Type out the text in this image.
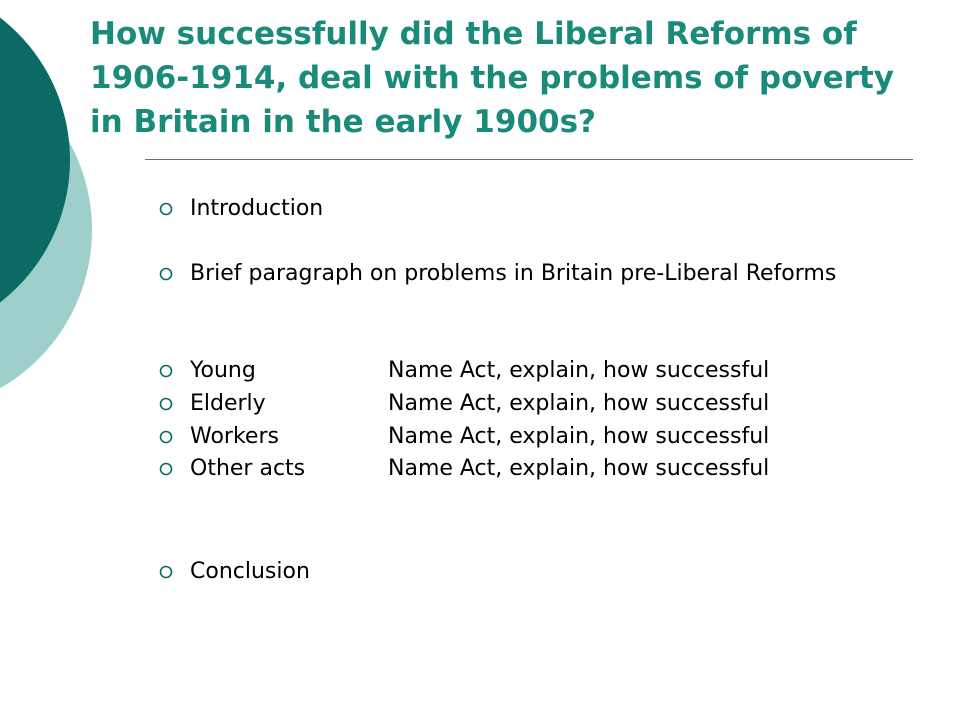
How successfully did the Liberal Reforms of 1906-1914, deal with the problems of poverty in Britain in the early 1900s?
Introduction
Brief paragraph on problems in Britain pre-Liberal Reforms
Young	Name Act, explain, how successful
Elderly	Name Act, explain, how successful
Workers	Name Act, explain, how successful
Other acts	Name Act, explain, how successful
Conclusion
